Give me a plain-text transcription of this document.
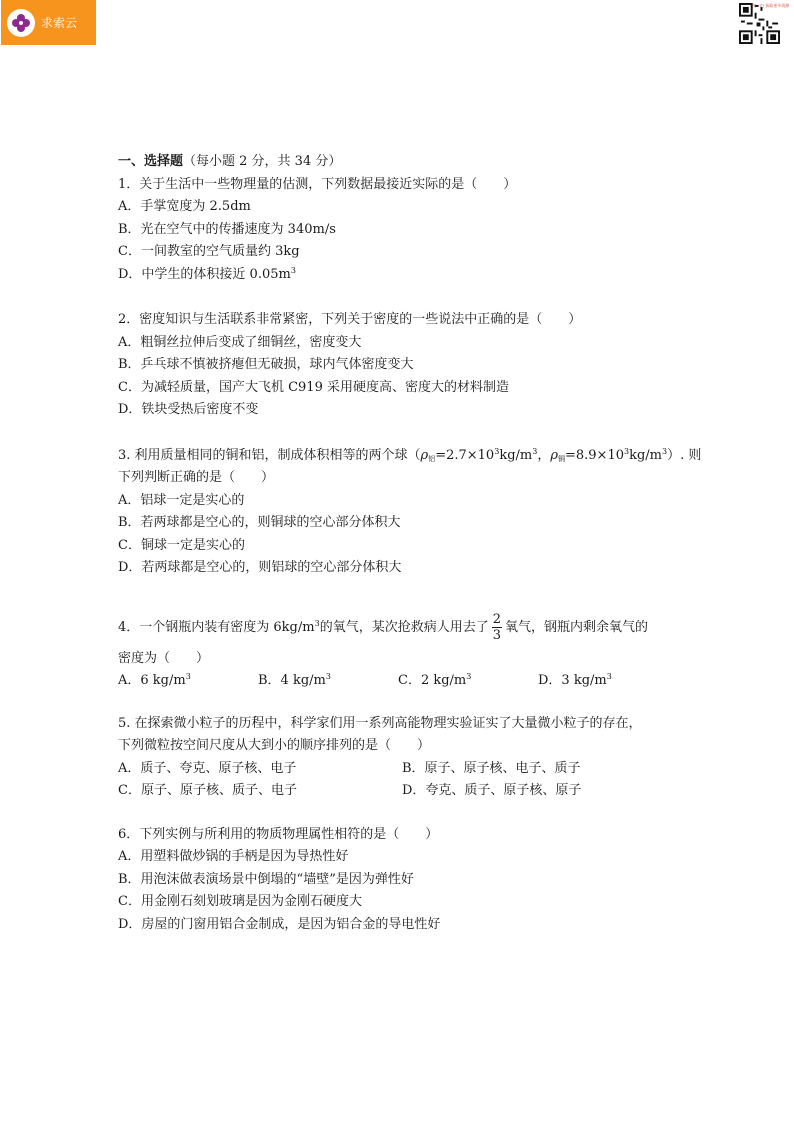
求索云
扫一扫 获取更多资源
一、选择题（每小题 2 分，共 34 分）
1．关于生活中一些物理量的估测，下列数据最接近实际的是（　　）
A．手掌宽度为 2.5dm
B．光在空气中的传播速度为 340m/s
C．一间教室的空气质量约 3kg
D．中学生的体积接近 $0.05m^3$
2．密度知识与生活联系非常紧密，下列关于密度的一些说法中正确的是（　　）
A．粗铜丝拉伸后变成了细铜丝，密度变大
B．乒乓球不慎被挤瘪但无破损，球内气体密度变大
C．为减轻质量，国产大飞机 C919 采用硬度高、密度大的材料制造
D．铁块受热后密度不变
3. 利用质量相同的铜和铝，制成体积相等的两个球（$\rho_铝=2.7\times 10^3kg/m^3$，$\rho_铜=8.9\times 10^3kg/m^3$）. 则
下列判断正确的是（　　）
A．铝球一定是实心的
B．若两球都是空心的，则铜球的空心部分体积大
C．铜球一定是实心的
D．若两球都是空心的，则铝球的空心部分体积大
4．一个钢瓶内装有密度为 $6kg/m^3$的氧气，某次抢救病人用去了 $\frac{2}{3}$ 氧气，钢瓶内剩余氧气的
密度为（　　）
A．6 $kg/m^3$	B．4 $kg/m^3$	C．2 $kg/m^3$	D．3 $kg/m^3$
5. 在探索微小粒子的历程中，科学家们用一系列高能物理实验证实了大量微小粒子的存在，
下列微粒按空间尺度从大到小的顺序排列的是（　　）
A．质子、夸克、原子核、电子	B．原子、原子核、电子、质子
C．原子、原子核、质子、电子	D．夸克、质子、原子核、原子
6．下列实例与所利用的物质物理属性相符的是（　　）
A．用塑料做炒锅的手柄是因为导热性好
B．用泡沫做表演场景中倒塌的“墙壁”是因为弹性好
C．用金刚石刻划玻璃是因为金刚石硬度大
D．房屋的门窗用铝合金制成，是因为铝合金的导电性好
